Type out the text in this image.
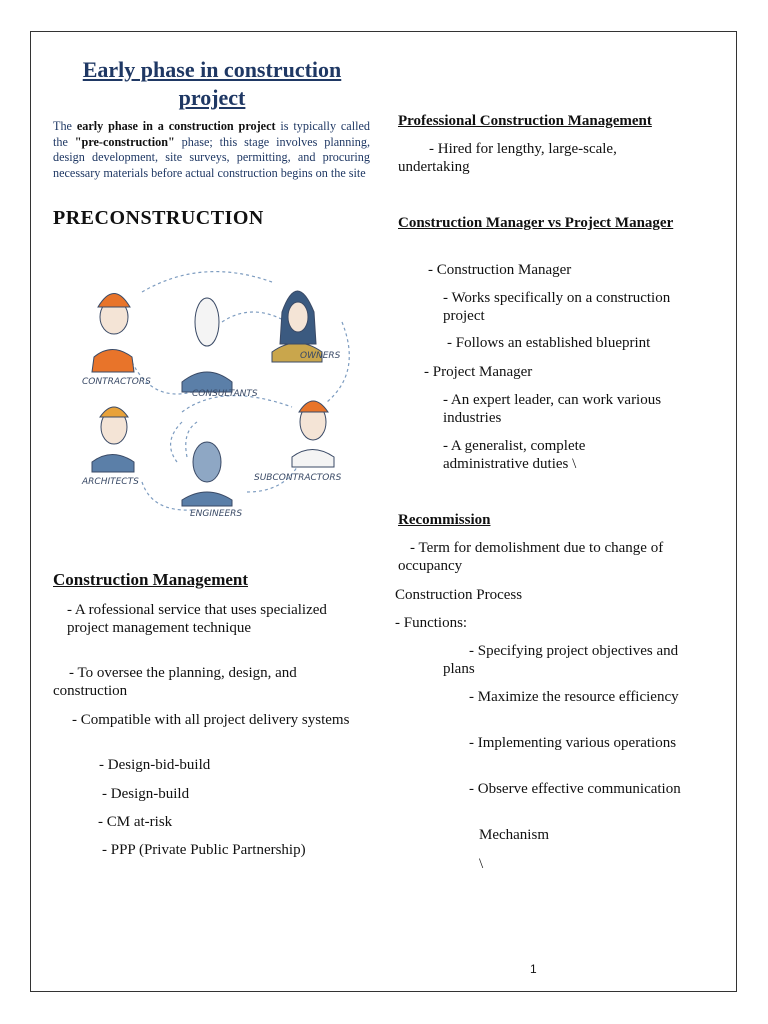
Early phase in construction project
The early phase in a construction project is typically called the "pre-construction" phase; this stage involves planning, design development, site surveys, permitting, and procuring necessary materials before actual construction begins on the site
PRECONSTRUCTION
CONTRACTORS
CONSULTANTS
OWNERS
ARCHITECTS	SUBCONTRACTORS
ENGINEERS
Construction Management
- A rofessional service that uses specialized project management technique
- To oversee the planning, design, and construction
- Compatible with all project delivery systems
- Design-bid-build
- Design-build
- CM at-risk
- PPP (Private Public Partnership)
Professional Construction Management
- Hired for lengthy, large-scale, undertaking
Construction Manager vs Project Manager
- Construction Manager
- Works specifically on a construction project
- Follows an established blueprint
- Project Manager
- An expert leader, can work various industries
- A generalist, complete administrative duties \
Recommission
- Term for demolishment due to change of occupancy
Construction Process
- Functions:
- Specifying project objectives and plans
- Maximize the resource efficiency
- Implementing various operations
- Observe effective communication
Mechanism
\
1
